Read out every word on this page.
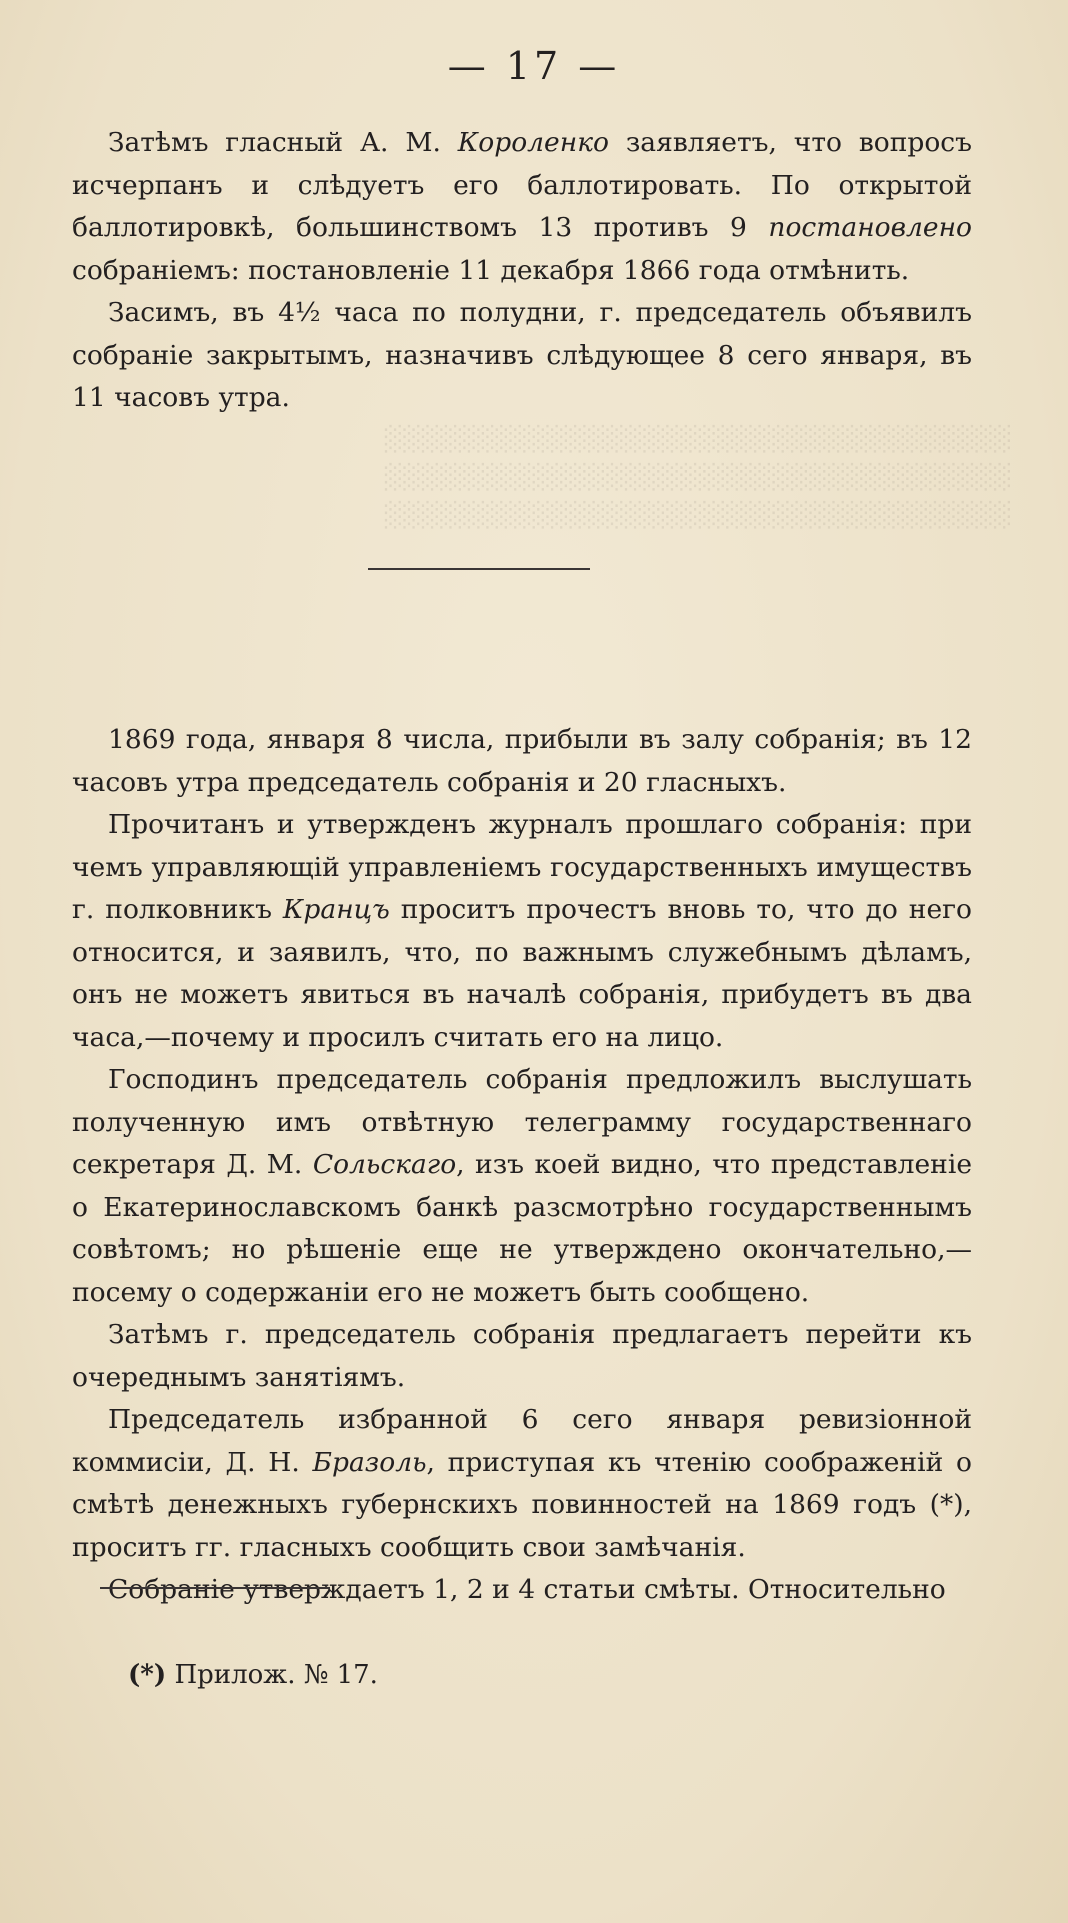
— 17 —
░░░░░░░░░░░░░░░░░░░░░░░░░░░░░░░░░░
░░░░░░░░░░░░░░░░░░░░░░░░░░░░░░░░░░
░░░░░░░░░░░░░░░░░░░░░░░░░░░░░░░░░░

Затѣмъ гласный А. М. Короленко заявляетъ, что вопросъ исчерпанъ и слѣдуетъ его баллотировать. По открытой баллотировкѣ, большинствомъ 13 противъ 9 постановлено собраніемъ: постановленіе 11 декабря 1866 года отмѣнить.

Засимъ, въ 4½ часа по полудни, г. председатель объявилъ собраніе закрытымъ, назначивъ слѣдующее 8 сего января, въ 11 часовъ утра.

1869 года, января 8 числа, прибыли въ залу собранія; въ 12 часовъ утра председатель собранія и 20 гласныхъ.

Прочитанъ и утвержденъ журналъ прошлаго собранія: при чемъ управляющій управленіемъ государственныхъ имуществъ г. полковникъ Кранцъ проситъ прочестъ вновь то, что до него относится, и заявилъ, что, по важнымъ служебнымъ дѣламъ, онъ не можетъ явиться въ началѣ собранія, прибудетъ въ два часа,—почему и просилъ считать его на лицо.

Господинъ председатель собранія предложилъ выслушать полученную имъ отвѣтную телеграмму государственнаго секретаря Д. М. Сольскаго, изъ коей видно, что представленіе о Екатеринославскомъ банкѣ разсмотрѣно государственнымъ совѣтомъ; но рѣшеніе еще не утверждено окончательно,—посему о содержаніи его не можетъ быть сообщено.

Затѣмъ г. председатель собранія предлагаетъ перейти къ очереднымъ занятіямъ.

Председатель избранной 6 сего января ревизіонной коммисіи, Д. Н. Бразоль, приступая къ чтенію соображеній о смѣтѣ денежныхъ губернскихъ повинностей на 1869 годъ (*), проситъ гг. гласныхъ сообщить свои замѣчанія.

Собраніе утверждаетъ 1, 2 и 4 статьи смѣты. Относительно

(*) Прилож. № 17.
